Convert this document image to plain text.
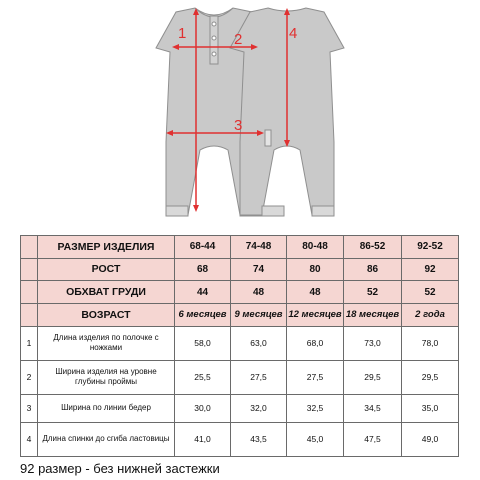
1	2
3
4
	РАЗМЕР ИЗДЕЛИЯ	68-44	74-48	80-48	86-52	92-52
	РОСТ	68	74	80	86	92
	ОБХВАТ ГРУДИ	44	48	48	52	52
	ВОЗРАСТ	6 месяцев	9 месяцев	12 месяцев	18 месяцев	2 года
1	Длина изделия по полочке с ножками	58,0	63,0	68,0	73,0	78,0
2	Ширина изделия на уровне глубины проймы	25,5	27,5	27,5	29,5	29,5
3	Ширина по линии бедер	30,0	32,0	32,5	34,5	35,0
4	Длина спинки до сгиба ластовицы	41,0	43,5	45,0	47,5	49,0
92 размер - без нижней застежки
